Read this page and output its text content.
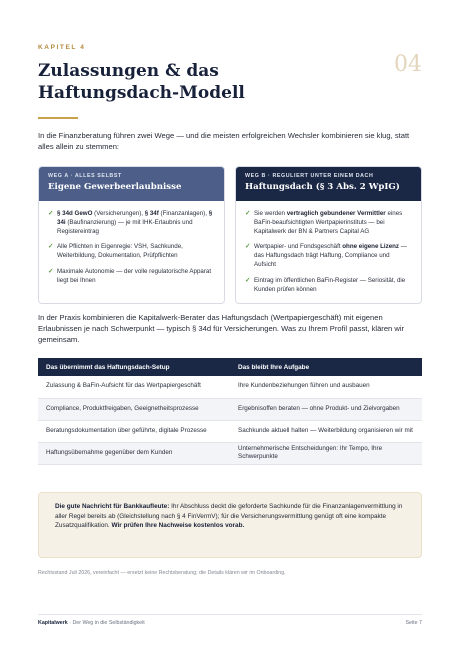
KAPITEL 4
04
Zulassungen & das
Haftungsdach-Modell

In die Finanzberatung führen zwei Wege — und die meisten erfolgreichen Wechsler kombinieren sie klug, statt alles allein zu stemmen:

WEG A · ALLES SELBST
Eigene Gewerbeerlaubnisse
✓ § 34d GewO (Versicherungen), § 34f (Finanzanlagen), § 34i (Baufinanzierung) — je mit IHK-Erlaubnis und Registereintrag
✓ Alle Pflichten in Eigenregie: VSH, Sachkunde, Weiterbildung, Dokumentation, Prüfpflichten
✓ Maximale Autonomie — der volle regulatorische Apparat liegt bei Ihnen
WEG B · REGULIERT UNTER EINEM DACH
Haftungsdach (§ 3 Abs. 2 WpIG)
✓ Sie werden vertraglich gebundener Vermittler eines BaFin-beaufsichtigten Wertpapierinstituts — bei Kapitalwerk der BN & Partners Capital AG
✓ Wertpapier- und Fondsgeschäft ohne eigene Lizenz — das Haftungsdach trägt Haftung, Compliance und Aufsicht
✓ Eintrag im öffentlichen BaFin-Register — Seriosität, die Kunden prüfen können

In der Praxis kombinieren die Kapitalwerk-Berater das Haftungsdach (Wertpapiergeschäft) mit eigenen Erlaubnissen je nach Schwerpunkt — typisch § 34d für Versicherungen. Was zu Ihrem Profil passt, klären wir gemeinsam.

Das übernimmt das Haftungsdach-Setup	Das bleibt Ihre Aufgabe
Zulassung & BaFin-Aufsicht für das Wertpapiergeschäft	Ihre Kundenbeziehungen führen und ausbauen
Compliance, Produktfreigaben, Geeignetheitsprozesse	Ergebnisoffen beraten — ohne Produkt- und Zielvorgaben
Beratungsdokumentation über geführte, digitale Prozesse	Sachkunde aktuell halten — Weiterbildung organisieren wir mit
Haftungsübernahme gegenüber dem Kunden	Unternehmerische Entscheidungen: Ihr Tempo, Ihre Schwerpunkte
Die gute Nachricht für Bankkaufleute: Ihr Abschluss deckt die geforderte Sachkunde für die Finanzanlagenvermittlung in aller Regel bereits ab (Gleichstellung nach § 4 FinVermV); für die Versicherungsvermittlung genügt oft eine kompakte Zusatzqualifikation. Wir prüfen Ihre Nachweise kostenlos vorab.
Rechtsstand Juli 2026, vereinfacht — ersetzt keine Rechtsberatung; die Details klären wir im Onboarding.
Kapitalwerk · Der Weg in die Selbständigkeit	Seite 7
